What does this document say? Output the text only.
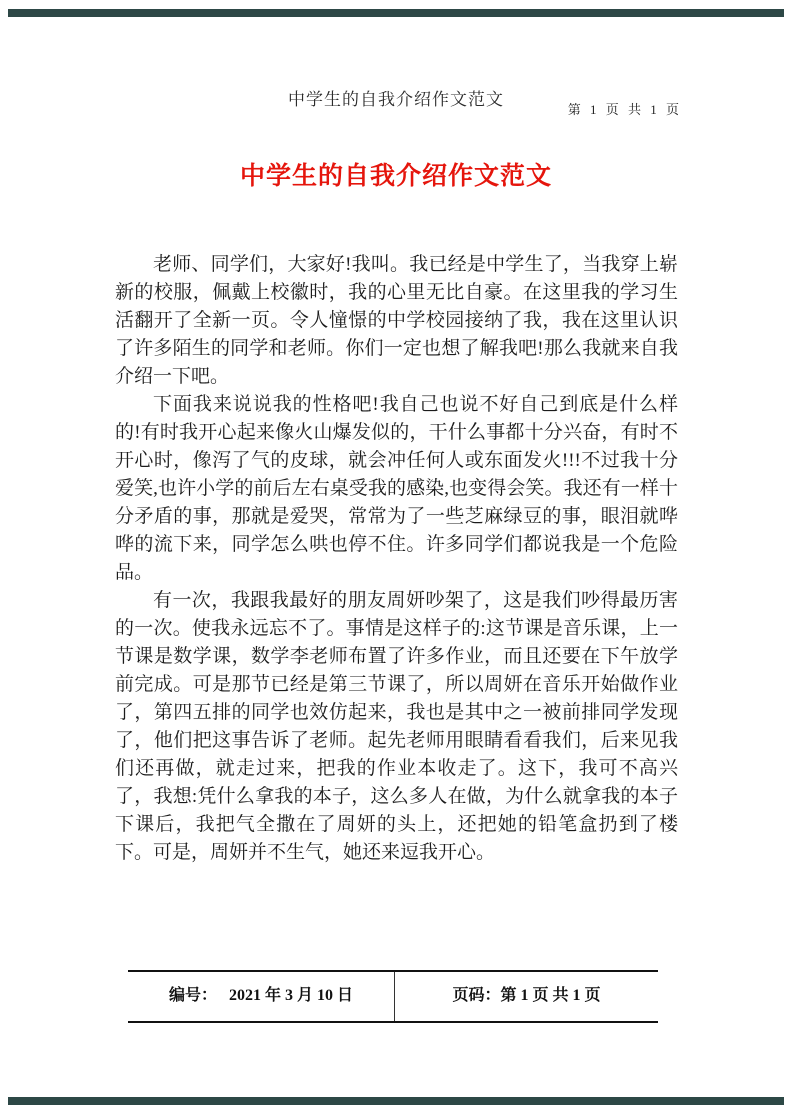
中学生的自我介绍作文范文
第 1 页 共 1 页
中学生的自我介绍作文范文

老师、同学们，大家好!我叫。我已经是中学生了，当我穿上崭新的校服，佩戴上校徽时，我的心里无比自豪。在这里我的学习生活翻开了全新一页。令人憧憬的中学校园接纳了我，我在这里认识了许多陌生的同学和老师。你们一定也想了解我吧!那么我就来自我介绍一下吧。

下面我来说说我的性格吧!我自己也说不好自己到底是什么样的!有时我开心起来像火山爆发似的，干什么事都十分兴奋，有时不开心时，像泻了气的皮球，就会冲任何人或东面发火!!!不过我十分爱笑,也许小学的前后左右桌受我的感染,也变得会笑。我还有一样十分矛盾的事，那就是爱哭，常常为了一些芝麻绿豆的事，眼泪就哗哗的流下来，同学怎么哄也停不住。许多同学们都说我是一个危险品。

有一次，我跟我最好的朋友周妍吵架了，这是我们吵得最历害的一次。使我永远忘不了。事情是这样子的:这节课是音乐课，上一节课是数学课，数学李老师布置了许多作业，而且还要在下午放学前完成。可是那节已经是第三节课了，所以周妍在音乐开始做作业了，第四五排的同学也效仿起来，我也是其中之一被前排同学发现了，他们把这事告诉了老师。起先老师用眼睛看看我们，后来见我们还再做，就走过来，把我的作业本收走了。这下，我可不高兴了，我想:凭什么拿我的本子，这么多人在做，为什么就拿我的本子下课后，我把气全撒在了周妍的头上，还把她的铅笔盒扔到了楼下。可是，周妍并不生气，她还来逗我开心。

编号： 2021 年 3 月 10 日	页码： 第 1 页 共 1 页
